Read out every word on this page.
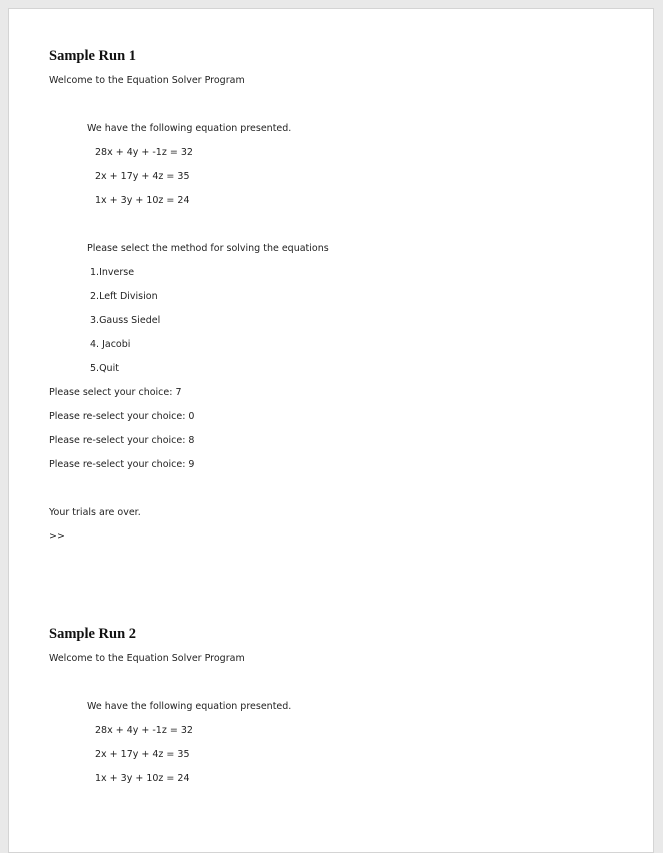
Sample Run 1
Welcome to the Equation Solver Program
We have the following equation presented.
28x + 4y + -1z = 32
2x + 17y + 4z = 35
1x + 3y + 10z = 24
Please select the method for solving the equations
1.Inverse
2.Left Division
3.Gauss Siedel
4. Jacobi
5.Quit
Please select your choice: 7
Please re-select your choice: 0
Please re-select your choice: 8
Please re-select your choice: 9
Your trials are over.
>>
Sample Run 2
Welcome to the Equation Solver Program
We have the following equation presented.
28x + 4y + -1z = 32
2x + 17y + 4z = 35
1x + 3y + 10z = 24
